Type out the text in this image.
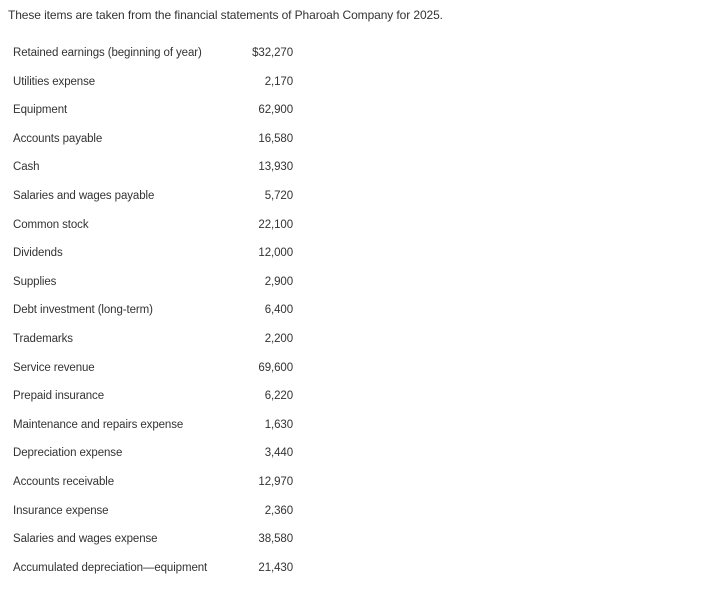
These items are taken from the financial statements of Pharoah Company for 2025.
Retained earnings (beginning of year)	$32,270
Utilities expense	2,170
Equipment	62,900
Accounts payable	16,580
Cash	13,930
Salaries and wages payable	5,720
Common stock	22,100
Dividends	12,000
Supplies	2,900
Debt investment (long-term)	6,400
Trademarks	2,200
Service revenue	69,600
Prepaid insurance	6,220
Maintenance and repairs expense	1,630
Depreciation expense	3,440
Accounts receivable	12,970
Insurance expense	2,360
Salaries and wages expense	38,580
Accumulated depreciation—equipment	21,430
